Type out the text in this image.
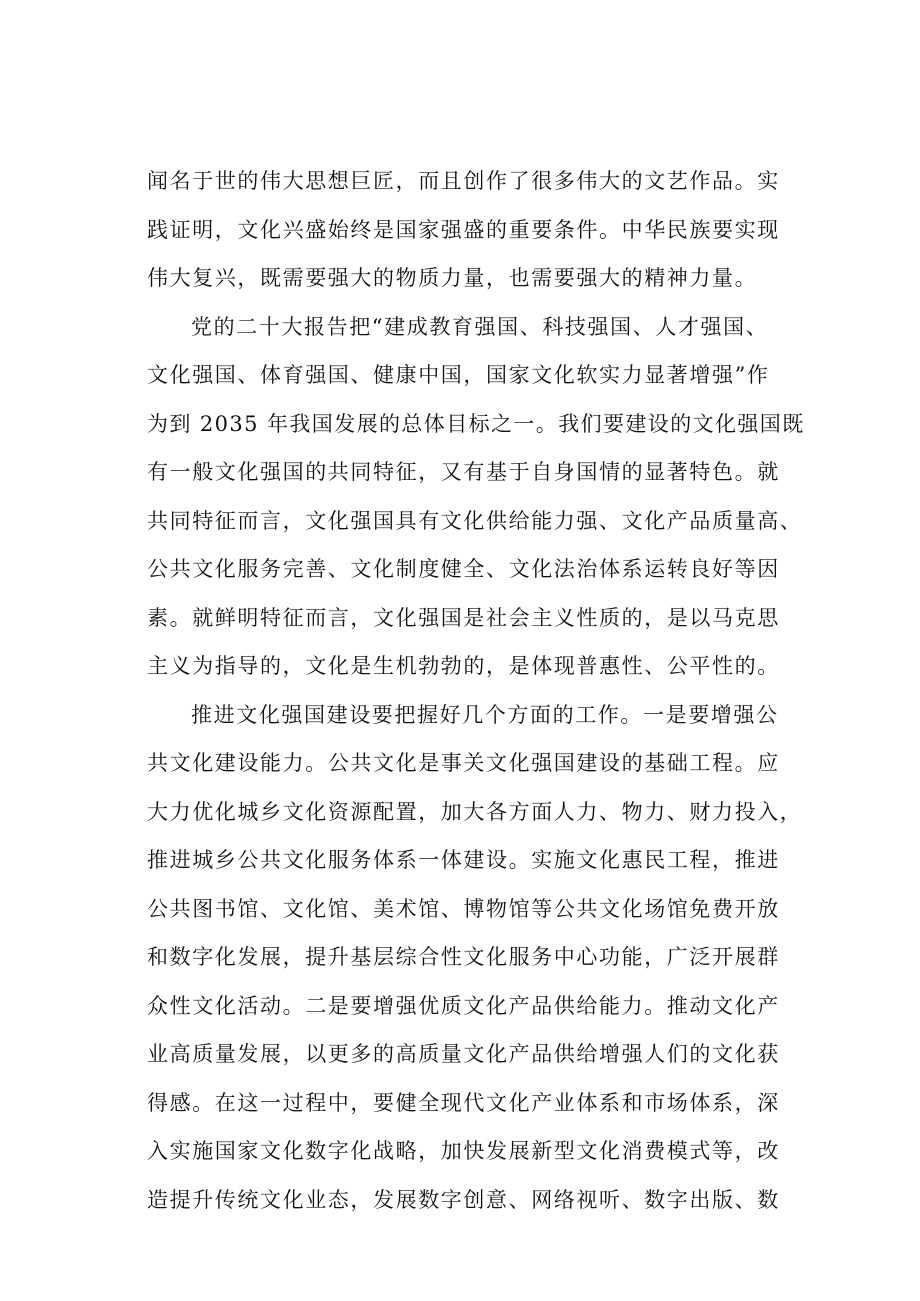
闻名于世的伟大思想巨匠，而且创作了很多伟大的文艺作品。实
践证明，文化兴盛始终是国家强盛的重要条件。中华民族要实现
伟大复兴，既需要强大的物质力量，也需要强大的精神力量。
党的二十大报告把“建成教育强国、科技强国、人才强国、
文化强国、体育强国、健康中国，国家文化软实力显著增强”作
为到 2035 年我国发展的总体目标之一。我们要建设的文化强国既
有一般文化强国的共同特征，又有基于自身国情的显著特色。就
共同特征而言，文化强国具有文化供给能力强、文化产品质量高、
公共文化服务完善、文化制度健全、文化法治体系运转良好等因
素。就鲜明特征而言，文化强国是社会主义性质的，是以马克思
主义为指导的，文化是生机勃勃的，是体现普惠性、公平性的。
推进文化强国建设要把握好几个方面的工作。一是要增强公
共文化建设能力。公共文化是事关文化强国建设的基础工程。应
大力优化城乡文化资源配置，加大各方面人力、物力、财力投入，
推进城乡公共文化服务体系一体建设。实施文化惠民工程，推进
公共图书馆、文化馆、美术馆、博物馆等公共文化场馆免费开放
和数字化发展，提升基层综合性文化服务中心功能，广泛开展群
众性文化活动。二是要增强优质文化产品供给能力。推动文化产
业高质量发展，以更多的高质量文化产品供给增强人们的文化获
得感。在这一过程中，要健全现代文化产业体系和市场体系，深
入实施国家文化数字化战略，加快发展新型文化消费模式等，改
造提升传统文化业态，发展数字创意、网络视听、数字出版、数
